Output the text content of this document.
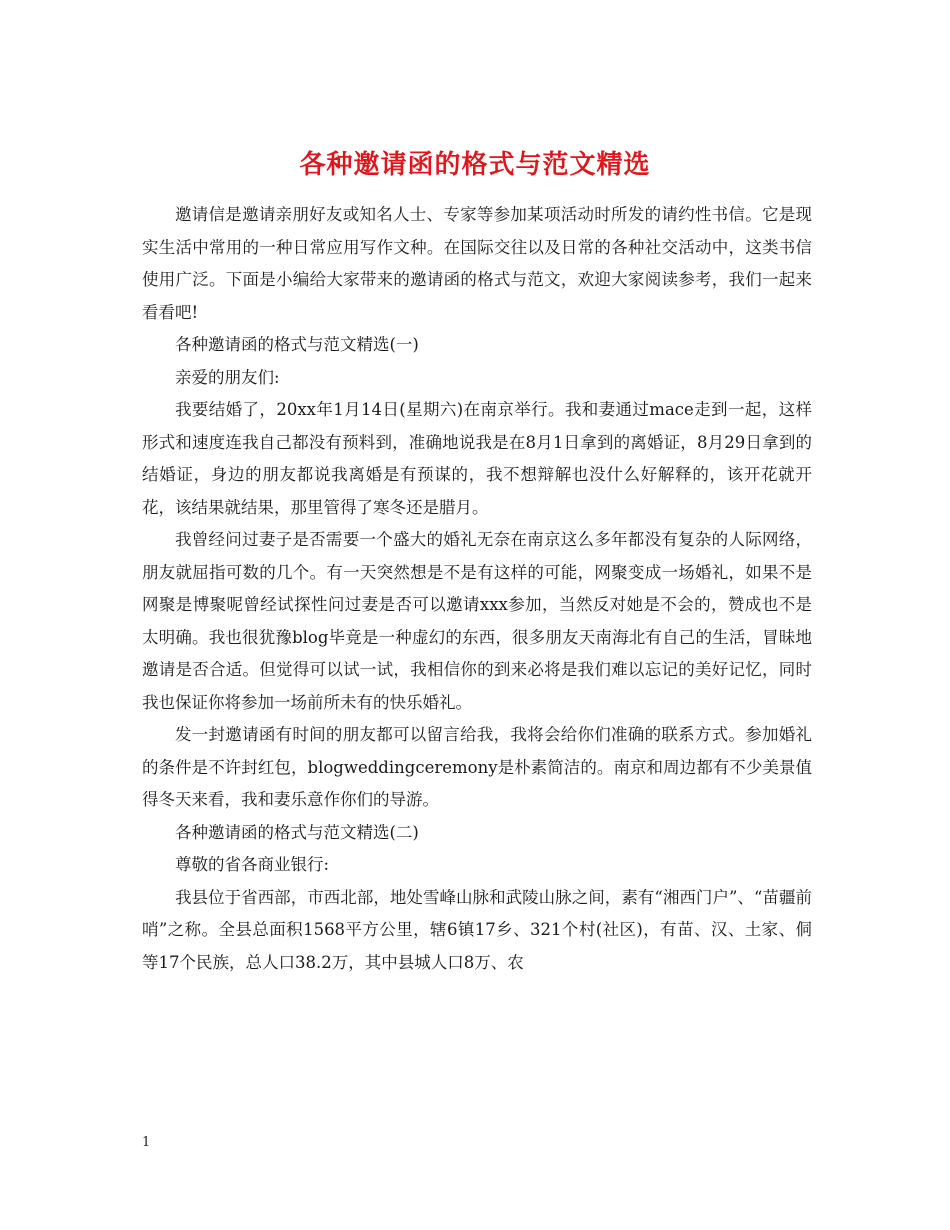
各种邀请函的格式与范文精选

邀请信是邀请亲朋好友或知名人士、专家等参加某项活动时所发的请约性书信。它是现实生活中常用的一种日常应用写作文种。在国际交往以及日常的各种社交活动中，这类书信使用广泛。下面是小编给大家带来的邀请函的格式与范文，欢迎大家阅读参考，我们一起来看看吧!

各种邀请函的格式与范文精选(一)

亲爱的朋友们:

我要结婚了，20xx年1月14日(星期六)在南京举行。我和妻通过mace走到一起，这样形式和速度连我自己都没有预料到，准确地说我是在8月1日拿到的离婚证，8月29日拿到的结婚证，身边的朋友都说我离婚是有预谋的，我不想辩解也没什么好解释的，该开花就开花，该结果就结果，那里管得了寒冬还是腊月。

我曾经问过妻子是否需要一个盛大的婚礼无奈在南京这么多年都没有复杂的人际网络，朋友就屈指可数的几个。有一天突然想是不是有这样的可能，网聚变成一场婚礼，如果不是网聚是博聚呢曾经试探性问过妻是否可以邀请xxx参加，当然反对她是不会的，赞成也不是太明确。我也很犹豫blog毕竟是一种虚幻的东西，很多朋友天南海北有自己的生活，冒昧地邀请是否合适。但觉得可以试一试，我相信你的到来必将是我们难以忘记的美好记忆，同时我也保证你将参加一场前所未有的快乐婚礼。

发一封邀请函有时间的朋友都可以留言给我，我将会给你们准确的联系方式。参加婚礼的条件是不许封红包，blogweddingceremony是朴素简洁的。南京和周边都有不少美景值得冬天来看，我和妻乐意作你们的导游。

各种邀请函的格式与范文精选(二)

尊敬的省各商业银行:

我县位于省西部，市西北部，地处雪峰山脉和武陵山脉之间，素有“湘西门户”、“苗疆前哨”之称。全县总面积1568平方公里，辖6镇17乡、321个村(社区)，有苗、汉、土家、侗等17个民族，总人口38.2万，其中县城人口8万、农

1
